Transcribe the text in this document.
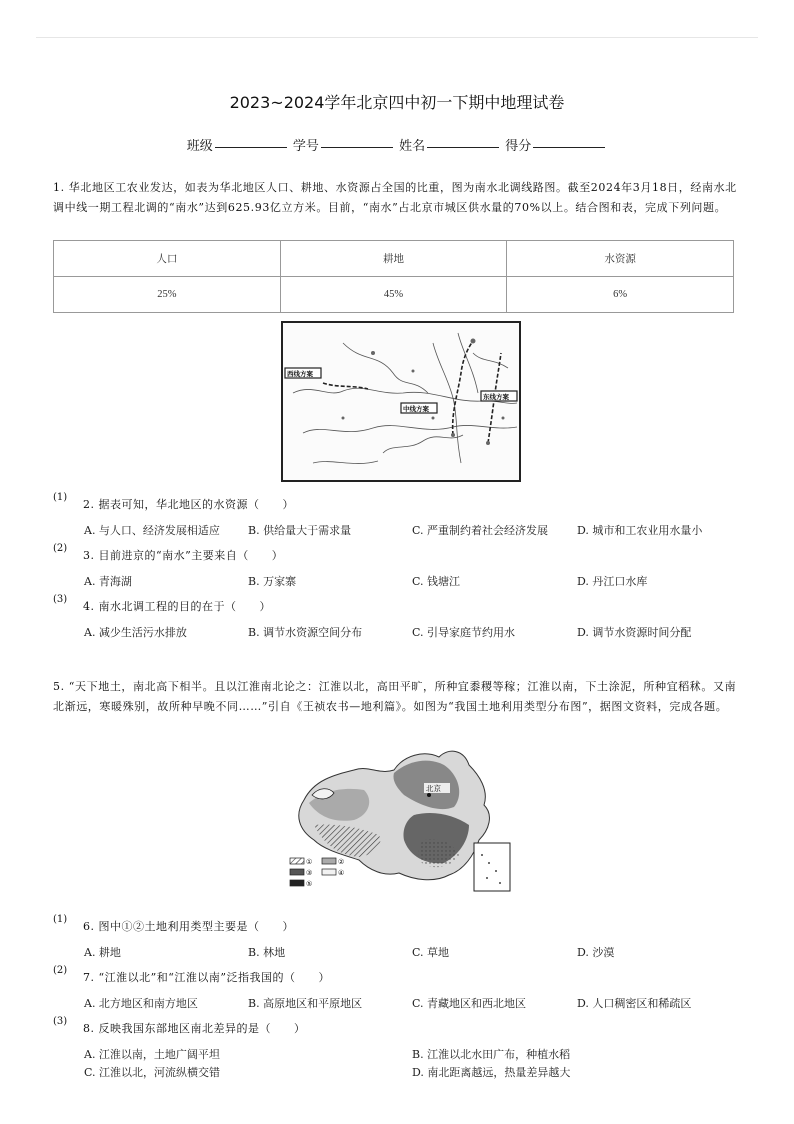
2023~2024学年北京四中初一下期中地理试卷
班级	学号	姓名	得分
1. 华北地区工农业发达，如表为华北地区人口、耕地、水资源占全国的比重，图为南水北调线路图。截至2024年3月18日，经南水北调中线一期工程北调的“南水”达到625.93亿立方米。目前，“南水”占北京市城区供水量的70%以上。结合图和表，完成下列问题。
人口	耕地	水资源
25%	45%	6%
西线方案
中线方案
东线方案
(1)
2. 据表可知，华北地区的水资源（　　）
A. 与人口、经济发展相适应	B. 供给量大于需求量	C. 严重制约着社会经济发展	D. 城市和工农业用水量小
(2)
3. 目前进京的“南水”主要来自（　　）
A. 青海湖	B. 万家寨	C. 钱塘江	D. 丹江口水库
(3)
4. 南水北调工程的目的在于（　　）
A. 减少生活污水排放	B. 调节水资源空间分布	C. 引导家庭节约用水	D. 调节水资源时间分配
5. “天下地土，南北高下相半。且以江淮南北论之：江淮以北，高田平旷，所种宜黍稷等稼；江淮以南，下土涂泥，所种宜稻秫。又南北渐远，寒暖殊别，故所种早晚不同……”引自《王祯农书—地利篇》。如图为“我国土地利用类型分布图”，据图文资料，完成各题。
北京
①	②
③	④
⑤
(1)
6. 图中①②土地利用类型主要是（　　）
A. 耕地	B. 林地	C. 草地	D. 沙漠
(2)
7. “江淮以北”和“江淮以南”泛指我国的（　　）
A. 北方地区和南方地区	B. 高原地区和平原地区	C. 青藏地区和西北地区	D. 人口稠密区和稀疏区
(3)
8. 反映我国东部地区南北差异的是（　　）
A. 江淮以南，土地广阔平坦	B. 江淮以北水田广布，种植水稻
C. 江淮以北，河流纵横交错	D. 南北距离越远，热量差异越大
